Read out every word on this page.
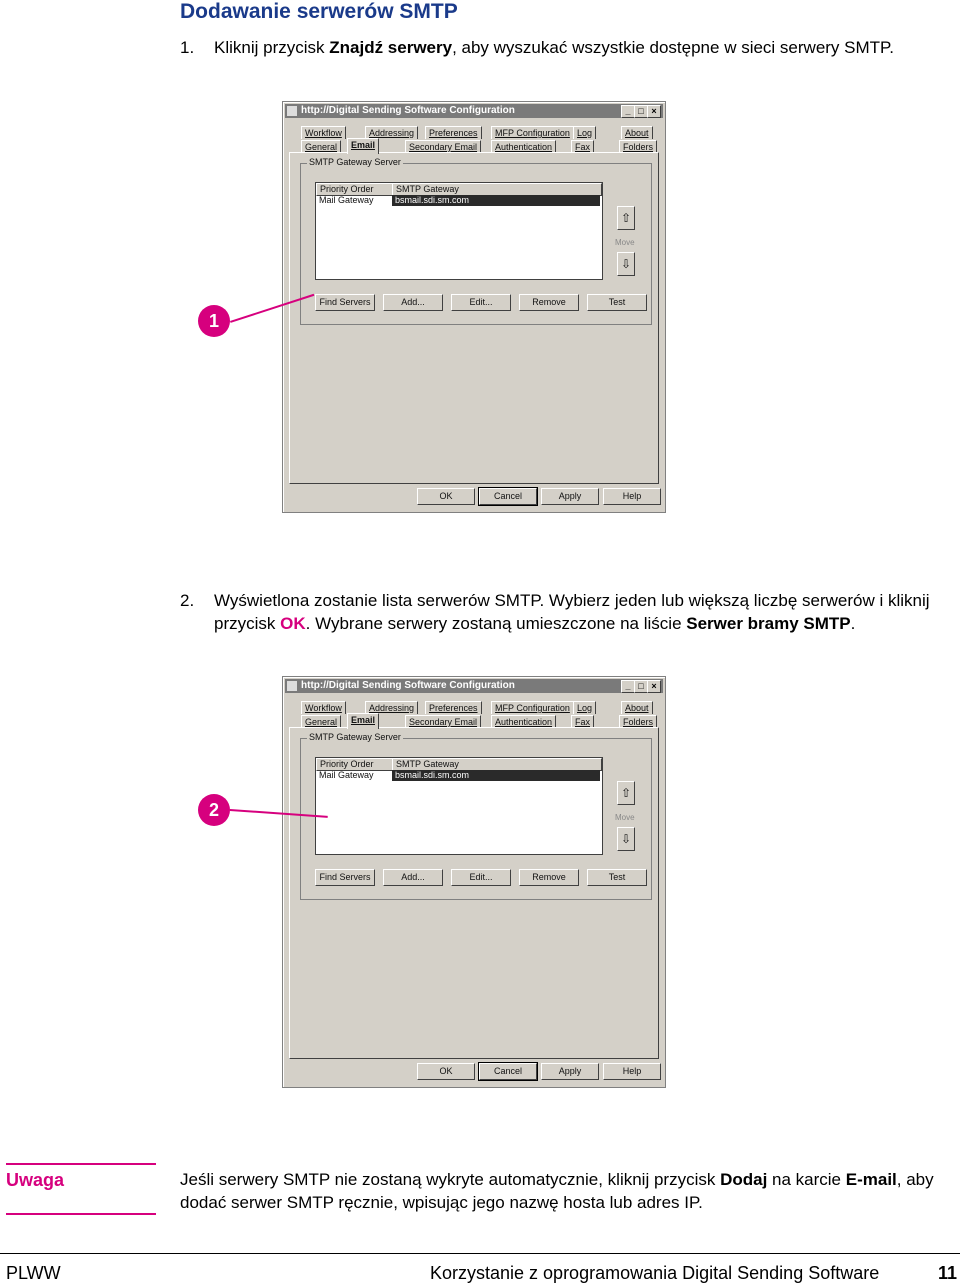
Dodawanie serwerów SMTP
1.	Kliknij przycisk Znajdź serwery, aby wyszukać wszystkie dostępne w sieci serwery SMTP.
http://Digital Sending Software Configuration	_ □ ×
Workflow	Addressing	Preferences	MFP Configuration Log	About
General	Email	Secondary Email	Authentication	Fax	Folders
SMTP Gateway Server
Priority Order	SMTP Gateway
Mail Gateway	bsmail.sdi.sm.com
⇧
Move
⇩
Find Servers	Add...	Edit...	Remove	Test
OK	Cancel	Apply	Help
1
2.	Wyświetlona zostanie lista serwerów SMTP. Wybierz jeden lub większą liczbę serwerów i kliknij przycisk OK. Wybrane serwery zostaną umieszczone na liście Serwer bramy SMTP.
http://Digital Sending Software Configuration	_ □ ×
Workflow	Addressing	Preferences	MFP Configuration Log	About
General	Email	Secondary Email	Authentication	Fax	Folders
SMTP Gateway Server
Priority Order	SMTP Gateway
Mail Gateway	bsmail.sdi.sm.com
⇧
Move
⇩
Find Servers	Add...	Edit...	Remove	Test
OK	Cancel	Apply	Help
2
Uwaga	Jeśli serwery SMTP nie zostaną wykryte automatycznie, kliknij przycisk Dodaj na karcie E-mail, aby dodać serwer SMTP ręcznie, wpisując jego nazwę hosta lub adres IP.
PLWW	Korzystanie z oprogramowania Digital Sending Software	11
